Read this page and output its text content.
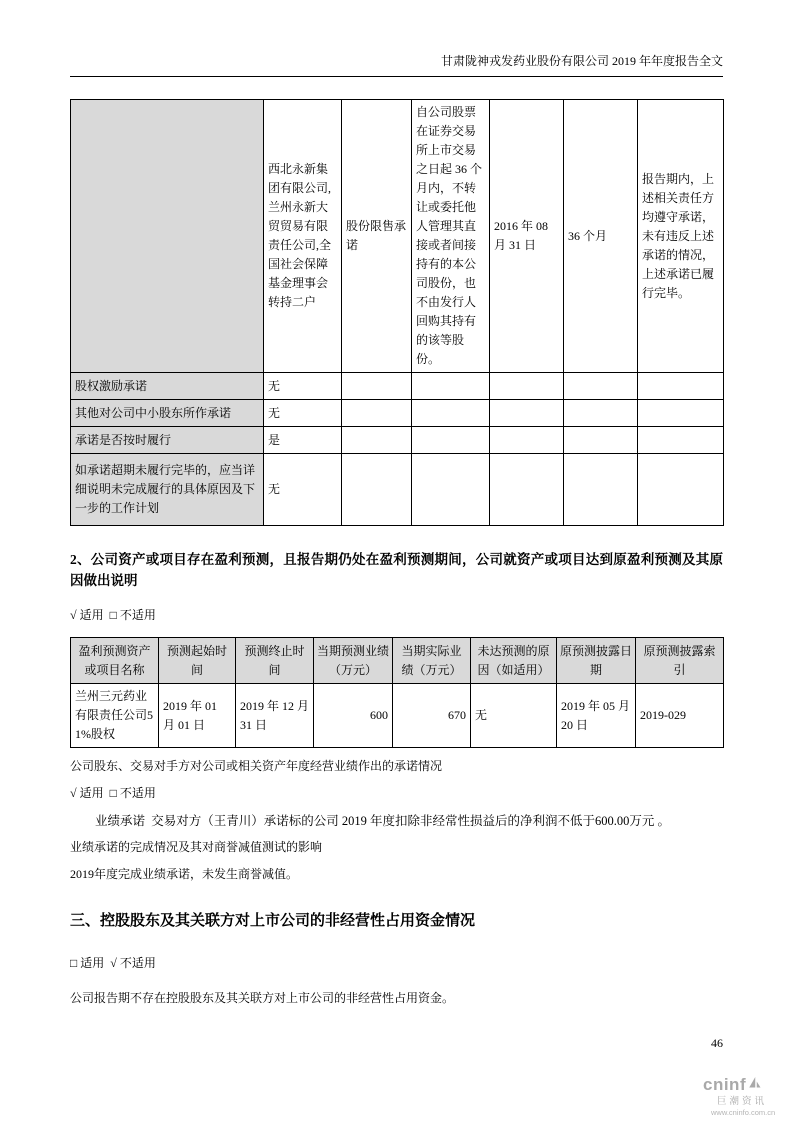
甘肃陇神戎发药业股份有限公司 2019 年年度报告全文
	西北永新集团有限公司,兰州永新大贸贸易有限责任公司,全国社会保障基金理事会转持二户	股份限售承诺	自公司股票在证券交易所上市交易之日起 36 个月内，不转让或委托他人管理其直接或者间接持有的本公司股份，也不由发行人回购其持有的该等股份。	2016 年 08 月 31 日	36 个月	报告期内，上述相关责任方均遵守承诺，未有违反上述承诺的情况，上述承诺已履行完毕。
股权激励承诺	无					
其他对公司中小股东所作承诺	无					
承诺是否按时履行	是					
如承诺超期未履行完毕的，应当详细说明未完成履行的具体原因及下一步的工作计划	无					
2、公司资产或项目存在盈利预测，且报告期仍处在盈利预测期间，公司就资产或项目达到原盈利预测及其原因做出说明
√ 适用  □ 不适用
盈利预测资产或项目名称	预测起始时间	预测终止时间	当期预测业绩（万元）	当期实际业绩（万元）	未达预测的原因（如适用）	原预测披露日期	原预测披露索引
兰州三元药业有限责任公司51%股权	2019 年 01 月 01 日	2019 年 12 月 31 日	600	670	无	2019 年 05 月 20 日	2019-029
公司股东、交易对手方对公司或相关资产年度经营业绩作出的承诺情况
√ 适用  □ 不适用
业绩承诺  交易对方（王青川）承诺标的公司 2019 年度扣除非经常性损益后的净利润不低于600.00万元 。
业绩承诺的完成情况及其对商誉减值测试的影响
2019年度完成业绩承诺，未发生商誉减值。
三、控股股东及其关联方对上市公司的非经营性占用资金情况
□ 适用  √ 不适用
公司报告期不存在控股股东及其关联方对上市公司的非经营性占用资金。
46
cninf
巨潮资讯
www.cninfo.com.cn
